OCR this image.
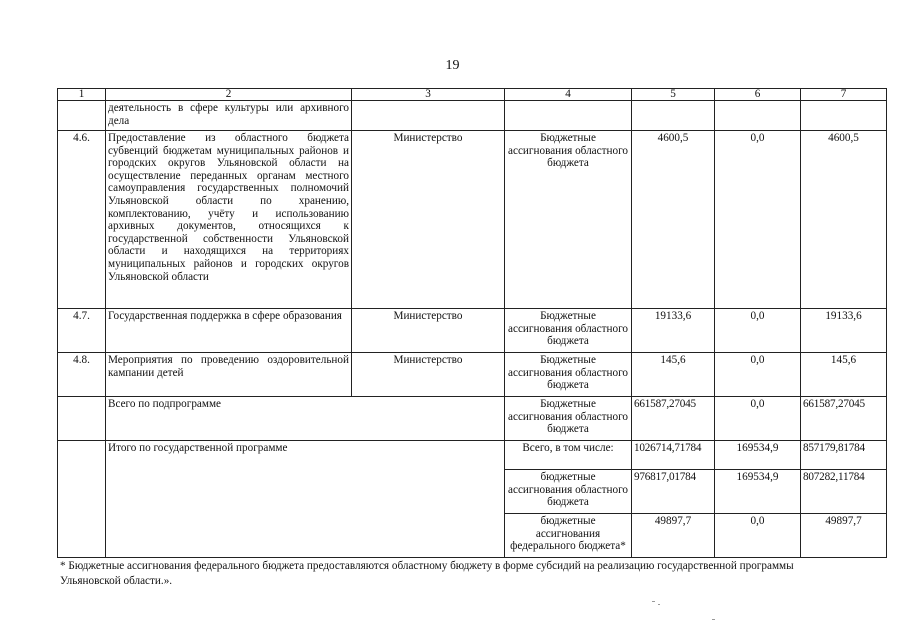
19
1	2	3	4	5	6	7
	деятельность в сфере культуры или архивного дела					
4.6.	Предоставление из областного бюджета субвенций бюджетам муниципальных районов и городских округов Ульяновской области на осуществление переданных органам местного самоуправления государственных полномочий Ульяновской области по хранению, комплектованию, учёту и использованию архивных документов, относящихся к государственной собственности Ульяновской области и находящихся на территориях муниципальных районов и городских округов Ульяновской области	Министерство	Бюджетные ассигнования областного бюджета	4600,5	0,0	4600,5
4.7.	Государственная поддержка в сфере образования	Министерство	Бюджетные ассигнования областного бюджета	19133,6	0,0	19133,6
4.8.	Мероприятия по проведению оздоровительной кампании детей	Министерство	Бюджетные ассигнования областного бюджета	145,6	0,0	145,6
	Всего по подпрограмме		Бюджетные ассигнования областного бюджета	661587,27045	0,0	661587,27045
	Итого по государственной программе		Всего, в том числе:	1026714,71784	169534,9	857179,81784
			бюджетные ассигнования областного бюджета	976817,01784	169534,9	807282,11784
			бюджетные ассигнования федерального бюджета*	49897,7	0,0	49897,7
* Бюджетные ассигнования федерального бюджета предоставляются областному бюджету в форме субсидий на реализацию государственной программы Ульяновской области.».
